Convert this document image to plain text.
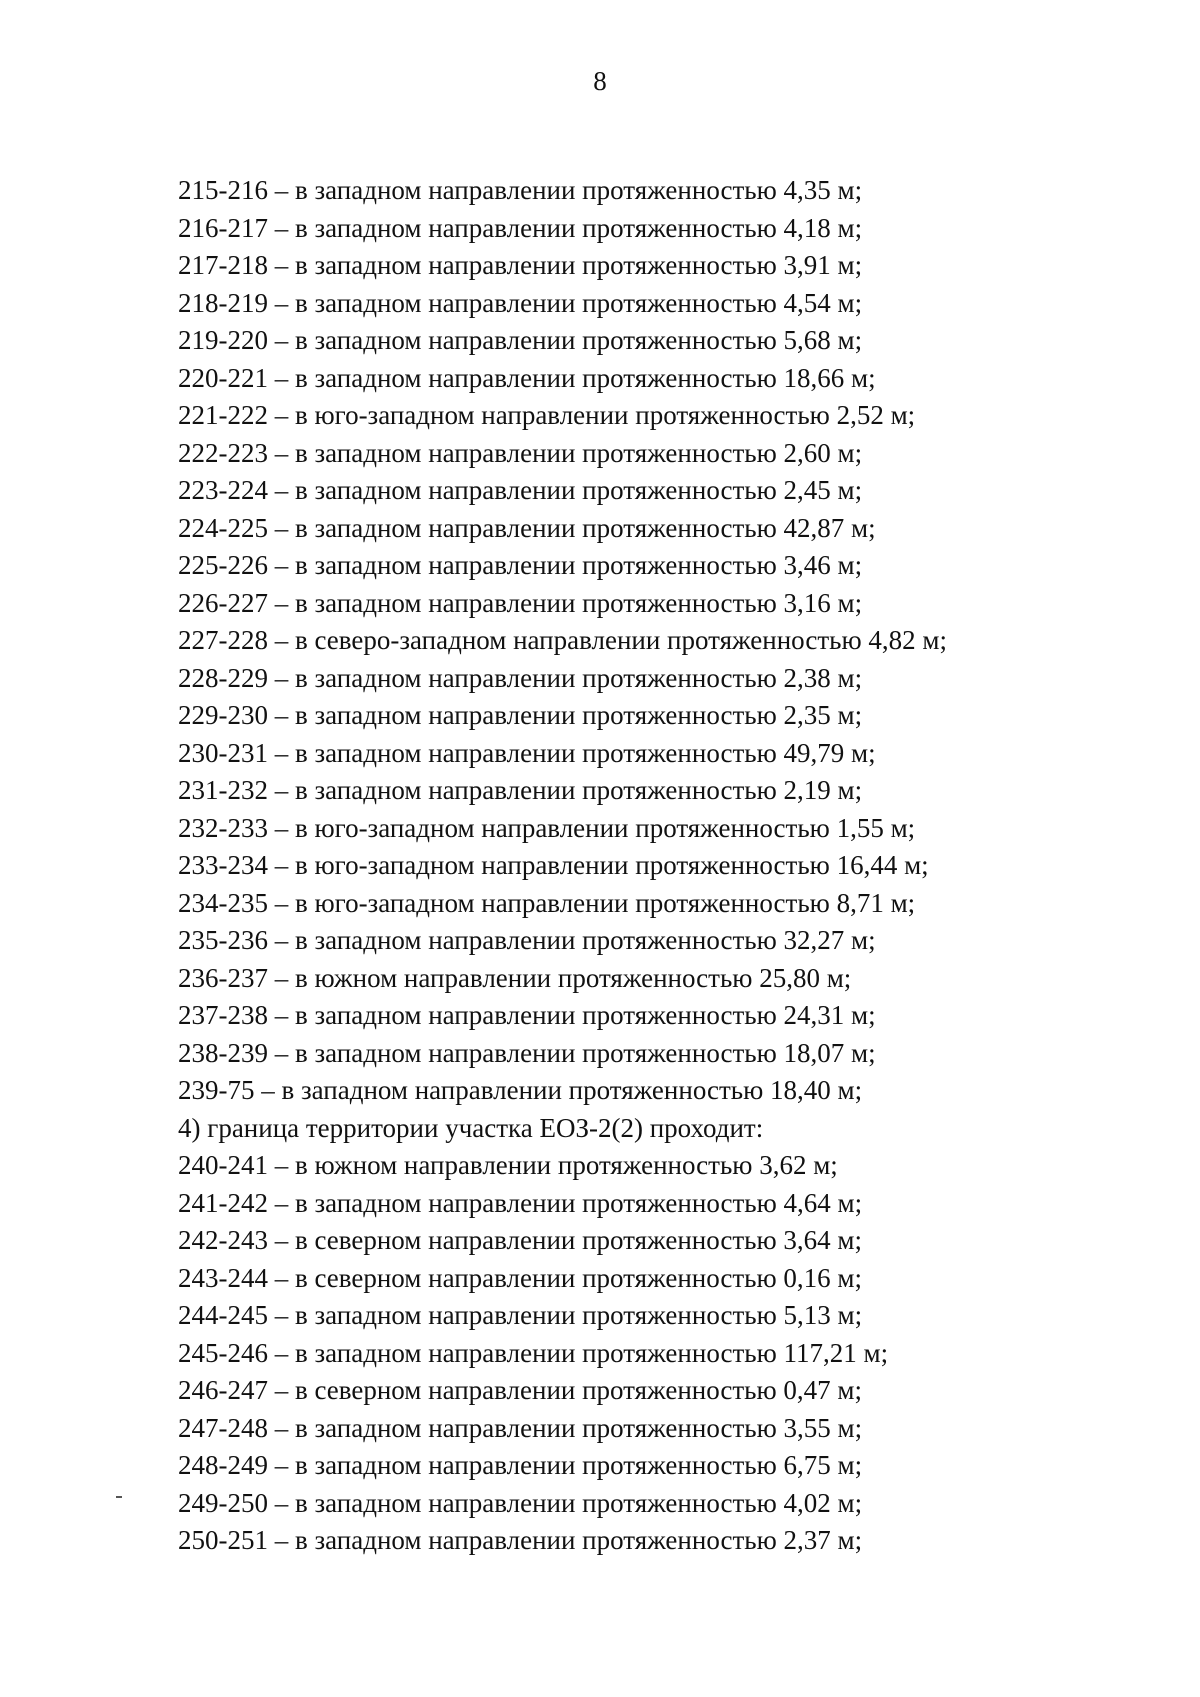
8
215-216 – в западном направлении протяженностью 4,35 м;
216-217 – в западном направлении протяженностью 4,18 м;
217-218 – в западном направлении протяженностью 3,91 м;
218-219 – в западном направлении протяженностью 4,54 м;
219-220 – в западном направлении протяженностью 5,68 м;
220-221 – в западном направлении протяженностью 18,66 м;
221-222 – в юго-западном направлении протяженностью 2,52 м;
222-223 – в западном направлении протяженностью 2,60 м;
223-224 – в западном направлении протяженностью 2,45 м;
224-225 – в западном направлении протяженностью 42,87 м;
225-226 – в западном направлении протяженностью 3,46 м;
226-227 – в западном направлении протяженностью 3,16 м;
227-228 – в северо-западном направлении протяженностью 4,82 м;
228-229 – в западном направлении протяженностью 2,38 м;
229-230 – в западном направлении протяженностью 2,35 м;
230-231 – в западном направлении протяженностью 49,79 м;
231-232 – в западном направлении протяженностью 2,19 м;
232-233 – в юго-западном направлении протяженностью 1,55 м;
233-234 – в юго-западном направлении протяженностью 16,44 м;
234-235 – в юго-западном направлении протяженностью 8,71 м;
235-236 – в западном направлении протяженностью 32,27 м;
236-237 – в южном направлении протяженностью 25,80 м;
237-238 – в западном направлении протяженностью 24,31 м;
238-239 – в западном направлении протяженностью 18,07 м;
239-75 – в западном направлении протяженностью 18,40 м;
4) граница территории участка ЕОЗ-2(2) проходит:
240-241 – в южном направлении протяженностью 3,62 м;
241-242 – в западном направлении протяженностью 4,64 м;
242-243 – в северном направлении протяженностью 3,64 м;
243-244 – в северном направлении протяженностью 0,16 м;
244-245 – в западном направлении протяженностью 5,13 м;
245-246 – в западном направлении протяженностью 117,21 м;
246-247 – в северном направлении протяженностью 0,47 м;
247-248 – в западном направлении протяженностью 3,55 м;
248-249 – в западном направлении протяженностью 6,75 м;
249-250 – в западном направлении протяженностью 4,02 м;
250-251 – в западном направлении протяженностью 2,37 м;
